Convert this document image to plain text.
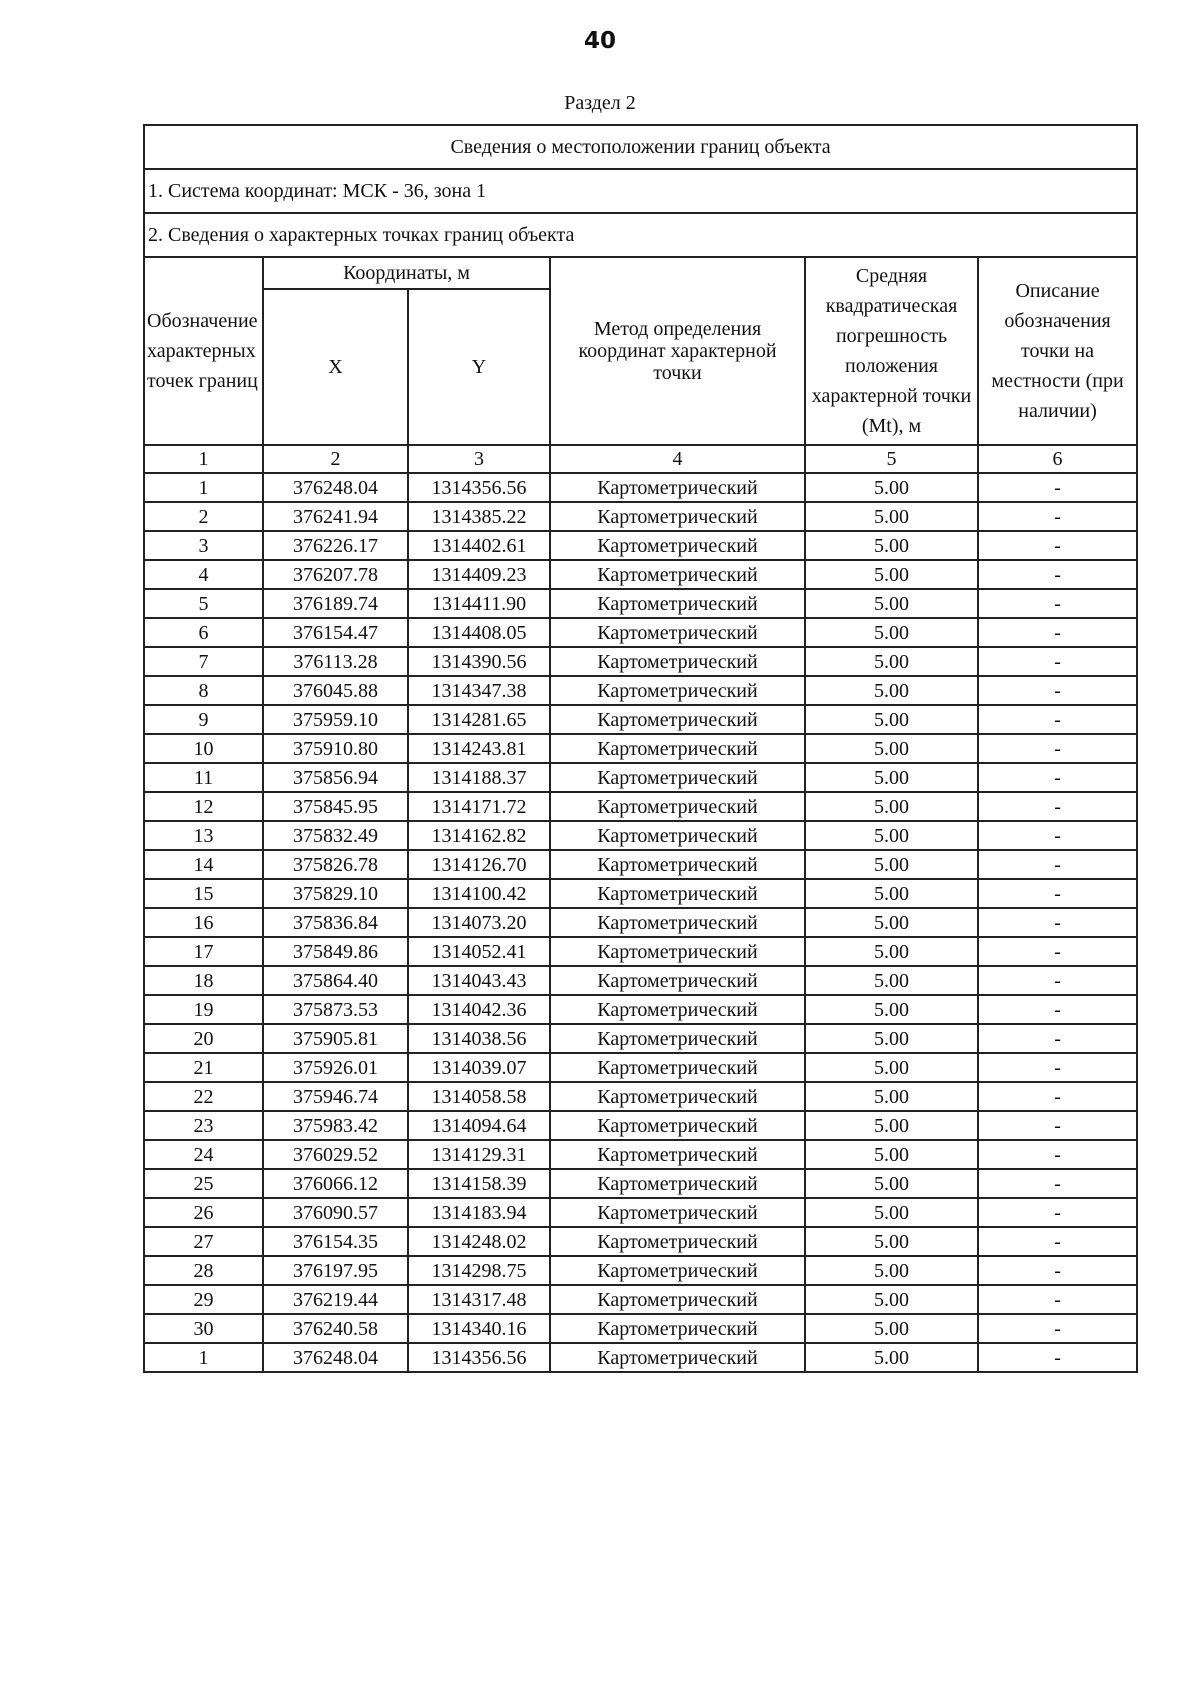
40
Раздел 2
Сведения о местоположении границ объекта					
1. Система координат: МСК - 36, зона 1					
2. Сведения о характерных точках границ объекта					
Обозначение характерных точек границ	Координаты, м		Метод определения координат характерной точки	Средняя квадратическая погрешность положения характерной точки (Mt), м	Описание обозначения точки на местности (при наличии)
	X	Y			
1	2	3	4	5	6
1	376248.04	1314356.56	Картометрический	5.00	-
2	376241.94	1314385.22	Картометрический	5.00	-
3	376226.17	1314402.61	Картометрический	5.00	-
4	376207.78	1314409.23	Картометрический	5.00	-
5	376189.74	1314411.90	Картометрический	5.00	-
6	376154.47	1314408.05	Картометрический	5.00	-
7	376113.28	1314390.56	Картометрический	5.00	-
8	376045.88	1314347.38	Картометрический	5.00	-
9	375959.10	1314281.65	Картометрический	5.00	-
10	375910.80	1314243.81	Картометрический	5.00	-
11	375856.94	1314188.37	Картометрический	5.00	-
12	375845.95	1314171.72	Картометрический	5.00	-
13	375832.49	1314162.82	Картометрический	5.00	-
14	375826.78	1314126.70	Картометрический	5.00	-
15	375829.10	1314100.42	Картометрический	5.00	-
16	375836.84	1314073.20	Картометрический	5.00	-
17	375849.86	1314052.41	Картометрический	5.00	-
18	375864.40	1314043.43	Картометрический	5.00	-
19	375873.53	1314042.36	Картометрический	5.00	-
20	375905.81	1314038.56	Картометрический	5.00	-
21	375926.01	1314039.07	Картометрический	5.00	-
22	375946.74	1314058.58	Картометрический	5.00	-
23	375983.42	1314094.64	Картометрический	5.00	-
24	376029.52	1314129.31	Картометрический	5.00	-
25	376066.12	1314158.39	Картометрический	5.00	-
26	376090.57	1314183.94	Картометрический	5.00	-
27	376154.35	1314248.02	Картометрический	5.00	-
28	376197.95	1314298.75	Картометрический	5.00	-
29	376219.44	1314317.48	Картометрический	5.00	-
30	376240.58	1314340.16	Картометрический	5.00	-
1	376248.04	1314356.56	Картометрический	5.00	-
